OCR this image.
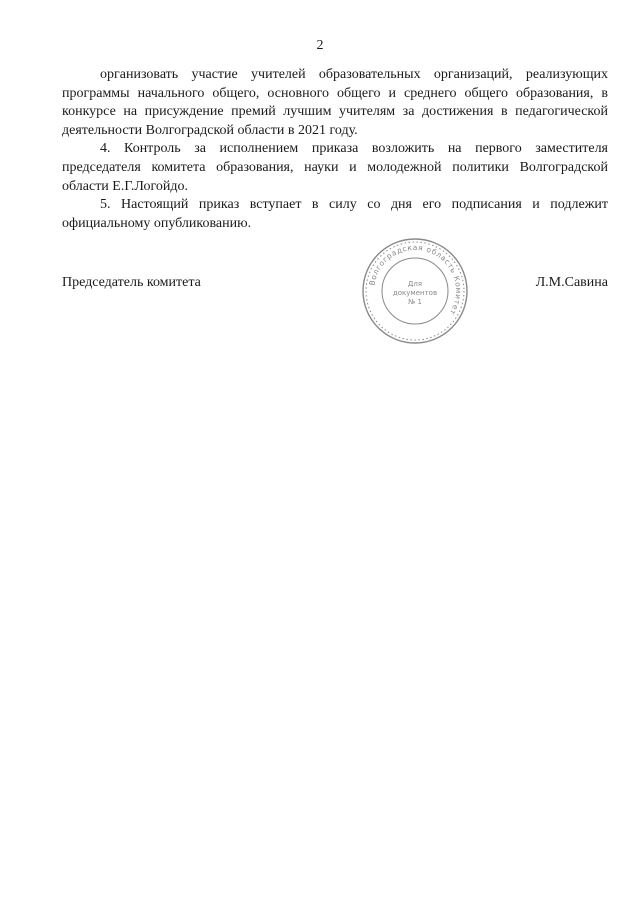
2

организовать участие учителей образовательных организаций, реализующих программы начального общего, основного общего и среднего общего образования, в конкурсе на присуждение премий лучшим учителям за достижения в педагогической деятельности Волгоградской области в 2021 году.

4. Контроль за исполнением приказа возложить на первого заместителя председателя комитета образования, науки и молодежной политики Волгоградской области Е.Г.Логойдо.

5. Настоящий приказ вступает в силу со дня его подписания и подлежит официальному опубликованию.

Председатель комитета	Л.М.Савина
Волгоградская область Комитет
Для
документов
№ 1
